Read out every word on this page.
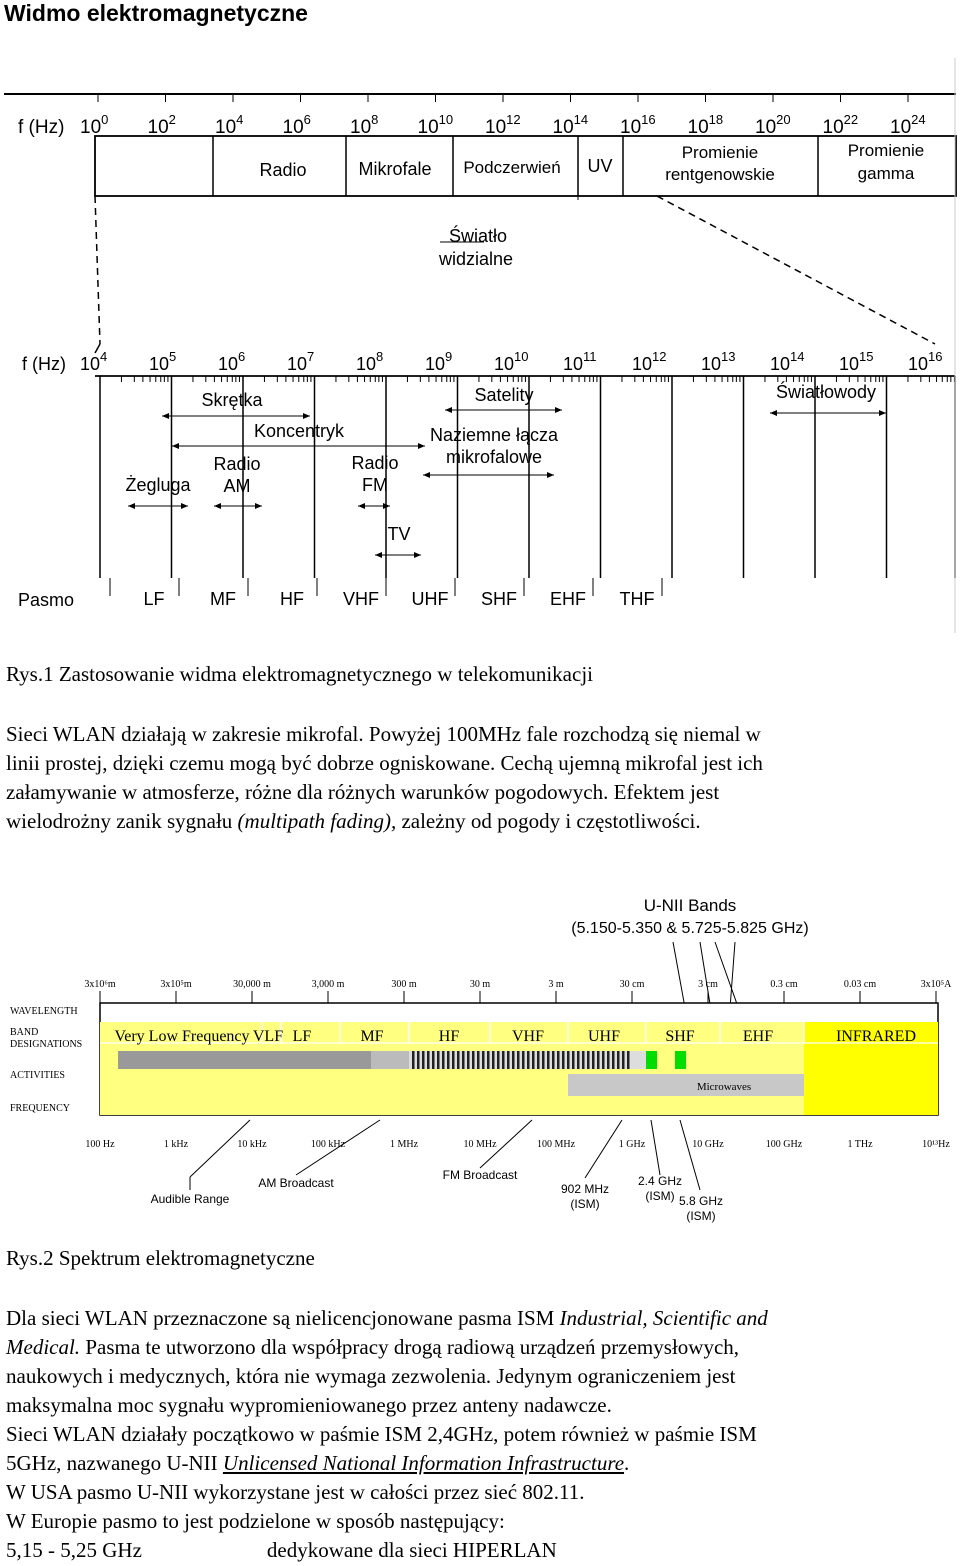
Widmo elektromagnetyczne
f (Hz) $10^0$ $10^2$ $10^4$ $10^6$ $10^8$ $10^{10}$ $10^{12}$ $10^{14}$ $10^{16}$ $10^{18}$ $10^{20}$ $10^{22}$ $10^{24}$
Radio	Mikrofale Podczerwień UV
Promienie
rentgenowskie
Promienie
gamma
Światło
widzialne
f (Hz) $10^4$ $10^5$ $10^6$ $10^7$ $10^8$ $10^9$ $10^{10}$ $10^{11}$ $10^{12}$ $10^{13}$ $10^{14}$ $10^{15}$ $10^{16}$
Skrętka
Koncentryk
Satelity
Naziemne łącza
mikrofalowe
Światłowody
Żegluga
Radio
AM
Radio
FM
TV
Pasmo	LF	MF HF VHF UHF SHF EHF THF
Rys.1 Zastosowanie widma elektromagnetycznego w telekomunikacji

Sieci WLAN działają w zakresie mikrofal. Powyżej 100MHz fale rozchodzą się niemal w
linii prostej, dzięki czemu mogą być dobrze ogniskowane. Cechą ujemną mikrofal jest ich
załamywanie w atmosferze, różne dla różnych warunków pogodowych. Efektem jest
wielodrożny zanik sygnału (multipath fading), zależny od pogody i częstotliwości.

U-NII Bands
(5.150-5.350 & 5.725-5.825 GHz)
3x10⁶m	3x10⁵m	30,000 m	3,000 m	300 m	30 m	3 m	30 cm	3 cm	0.3 cm	0.03 cm	3x10⁵A
WAVELENGTH
BAND
DESIGNATIONS
ACTIVITIES
FREQUENCY
Very Low Frequency VLF LF	MF	HF	VHF	UHF	SHF	EHF	INFRARED
Microwaves
100 Hz	1 kHz	10 kHz	100 kHz	1 MHz	10 MHz	100 MHz	1 GHz	10 GHz	100 GHz	1 THz	10¹³Hz
Audible Range
AM Broadcast
FM Broadcast
902 MHz
(ISM)
2.4 GHz
(ISM) 5.8 GHz
(ISM)
Rys.2 Spektrum elektromagnetyczne

Dla sieci WLAN przeznaczone są nielicencjonowane pasma ISM Industrial, Scientific and
Medical. Pasma te utworzono dla współpracy drogą radiową urządzeń przemysłowych,
naukowych i medycznych, która nie wymaga zezwolenia. Jedynym ograniczeniem jest
maksymalna moc sygnału wypromieniowanego przez anteny nadawcze.
Sieci WLAN działały początkowo w paśmie ISM 2,4GHz, potem również w paśmie ISM
5GHz, nazwanego U-NII Unlicensed National Information Infrastructure.
W USA pasmo U-NII wykorzystane jest w całości przez sieć 802.11.
W Europie pasmo to jest podzielone w sposób następujący:
5,15 - 5,25 GHz	dedykowane dla sieci HIPERLAN
